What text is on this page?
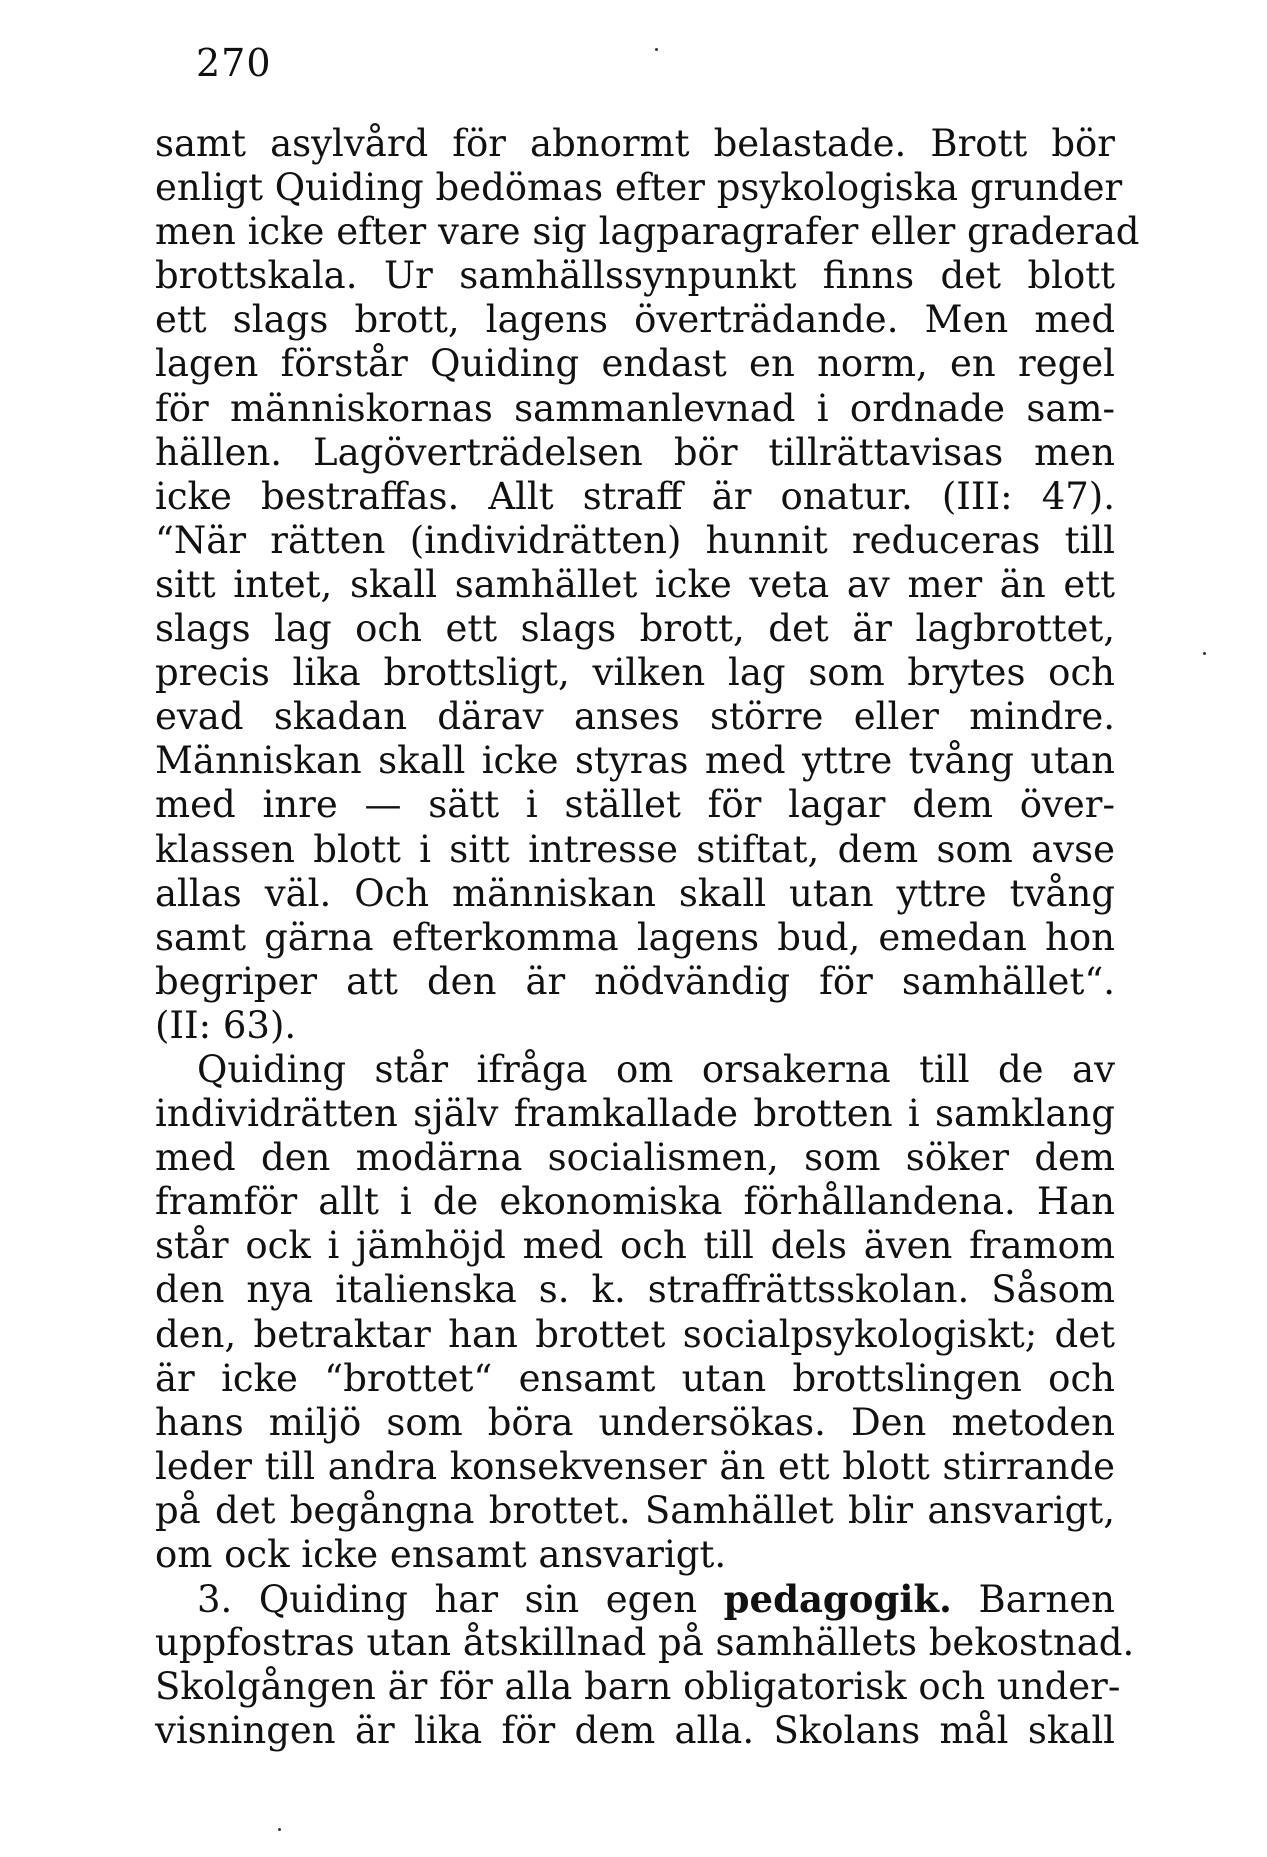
270
samt asylvård för abnormt belastade. Brott bör
enligt Quiding bedömas efter psykologiska grunder
men icke efter vare sig lagparagrafer eller graderad
brottskala. Ur samhällssynpunkt finns det blott
ett slags brott, lagens överträdande. Men med
lagen förstår Quiding endast en norm, en regel
för människornas sammanlevnad i ordnade sam-
hällen. Lagöverträdelsen bör tillrättavisas men
icke bestraffas. Allt straff är onatur. (III: 47).
“När rätten (individrätten) hunnit reduceras till
sitt intet, skall samhället icke veta av mer än ett
slags lag och ett slags brott, det är lagbrottet,
precis lika brottsligt, vilken lag som brytes och
evad skadan därav anses större eller mindre.
Människan skall icke styras med yttre tvång utan
med inre — sätt i stället för lagar dem över-
klassen blott i sitt intresse stiftat, dem som avse
allas väl. Och människan skall utan yttre tvång
samt gärna efterkomma lagens bud, emedan hon
begriper att den är nödvändig för samhället“.
(II: 63).
Quiding står ifråga om orsakerna till de av
individrätten själv framkallade brotten i samklang
med den modärna socialismen, som söker dem
framför allt i de ekonomiska förhållandena. Han
står ock i jämhöjd med och till dels även framom
den nya italienska s. k. straffrättsskolan. Såsom
den, betraktar han brottet socialpsykologiskt; det
är icke “brottet“ ensamt utan brottslingen och
hans miljö som böra undersökas. Den metoden
leder till andra konsekvenser än ett blott stirrande
på det begångna brottet. Samhället blir ansvarigt,
om ock icke ensamt ansvarigt.
3. Quiding har sin egen pedagogik. Barnen
uppfostras utan åtskillnad på samhällets bekostnad.
Skolgången är för alla barn obligatorisk och under-
visningen är lika för dem alla. Skolans mål skall
